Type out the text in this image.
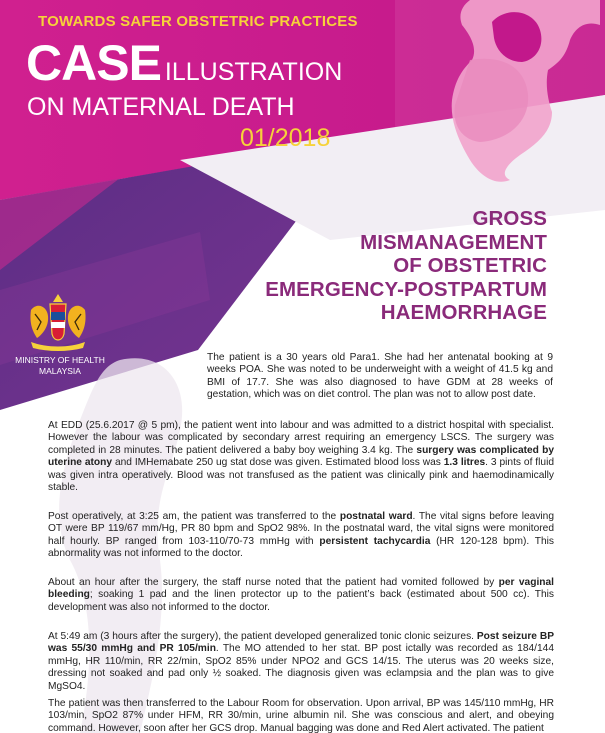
TOWARDS SAFER OBSTETRIC PRACTICES
CASE ILLUSTRATION
ON MATERNAL DEATH
01/2018
GROSS
MISMANAGEMENT
OF OBSTETRIC
EMERGENCY-POSTPARTUM
HAEMORRHAGE
MINISTRY OF HEALTH
MALAYSIA

The patient is a 30 years old Para1. She had her antenatal booking at 9 weeks POA. She was noted to be underweight with a weight of 41.5 kg and BMI of 17.7. She was also diagnosed to have GDM at 28 weeks of gestation, which was on diet control. The plan was not to allow post date.

At EDD (25.6.2017 @ 5 pm), the patient went into labour and was admitted to a district hospital with specialist. However the labour was complicated by secondary arrest requiring an emergency LSCS. The surgery was completed in 28 minutes. The patient delivered a baby boy weighing 3.4 kg. The surgery was complicated by uterine atony and IMHemabate 250 ug stat dose was given. Estimated blood loss was 1.3 litres. 3 pints of fluid was given intra operatively. Blood was not transfused as the patient was clinically pink and haemodinamically stable.

Post operatively, at 3:25 am, the patient was transferred to the postnatal ward. The vital signs before leaving OT were BP 119/67 mm/Hg, PR 80 bpm and SpO2 98%. In the postnatal ward, the vital signs were monitored half hourly. BP ranged from 103-110/70-73 mmHg with persistent tachycardia (HR 120-128 bpm). This abnormality was not informed to the doctor.

About an hour after the surgery, the staff nurse noted that the patient had vomited followed by per vaginal bleeding; soaking 1 pad and the linen protector up to the patient’s back (estimated about 500 cc). This development was also not informed to the doctor.

At 5:49 am (3 hours after the surgery), the patient developed generalized tonic clonic seizures. Post seizure BP was 55/30 mmHg and PR 105/min. The MO attended to her stat. BP post ictally was recorded as 184/144 mmHg, HR 110/min, RR 22/min, SpO2 85% under NPO2 and GCS 14/15. The uterus was 20 weeks size, dressing not soaked and pad only ½ soaked. The diagnosis given was eclampsia and the plan was to give MgSO4.

The patient was then transferred to the Labour Room for observation. Upon arrival, BP was 145/110 mmHg, HR 103/min, SpO2 87% under HFM, RR 30/min, urine albumin nil. She was conscious and alert, and obeying command. However, soon after her GCS drop. Manual bagging was done and Red Alert activated. The patient
